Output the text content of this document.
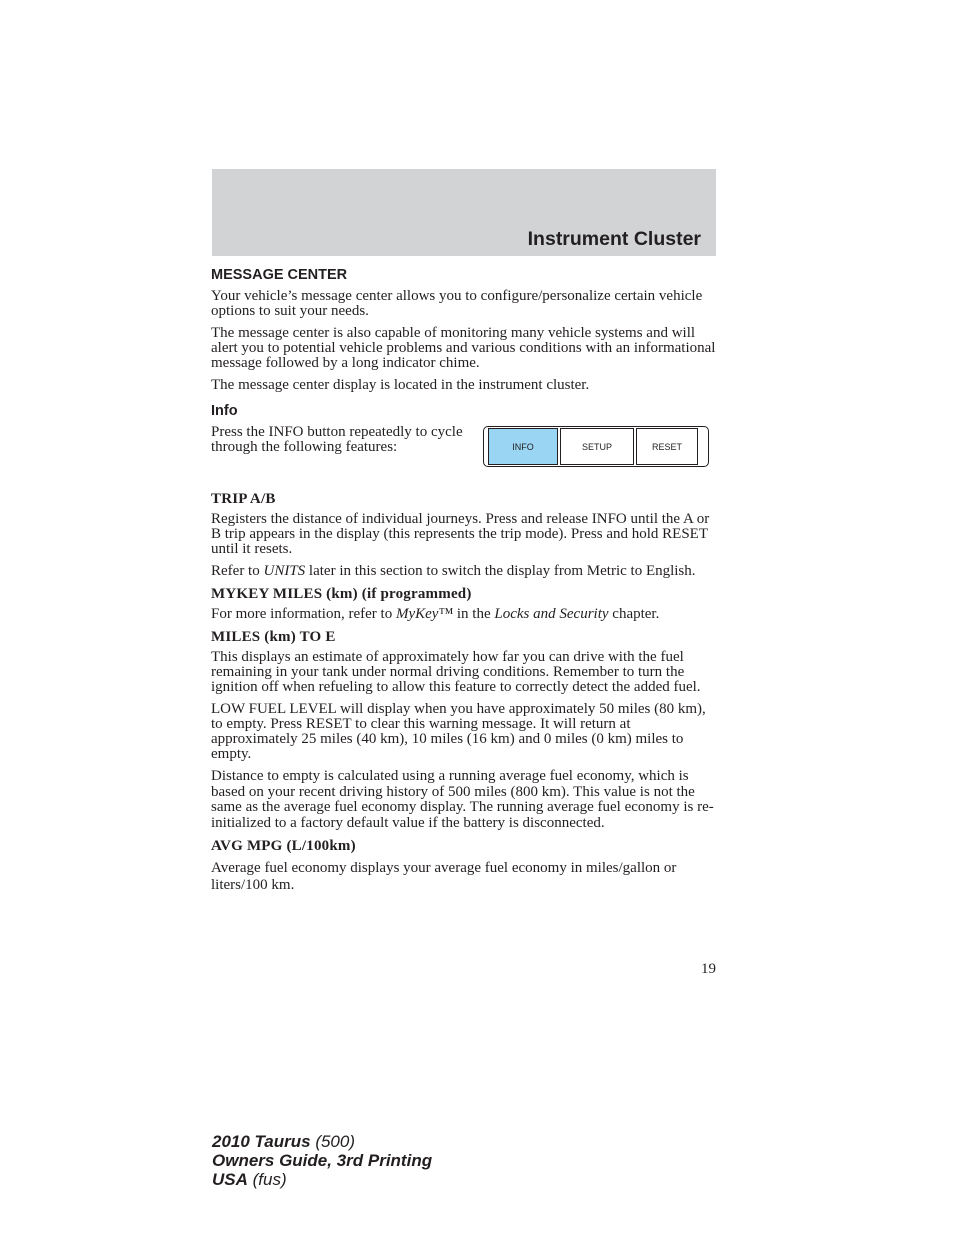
Instrument Cluster
MESSAGE CENTER

Your vehicle’s message center allows you to configure/personalize certain vehicle options to suit your needs.

The message center is also capable of monitoring many vehicle systems and will alert you to potential vehicle problems and various conditions with an informational message followed by a long indicator chime.

The message center display is located in the instrument cluster.

Info

Press the INFO button repeatedly to cycle through the following features:	INFO	SETUP	RESET
TRIP A/B

Registers the distance of individual journeys. Press and release INFO until the A or B trip appears in the display (this represents the trip mode). Press and hold RESET until it resets.

Refer to UNITS later in this section to switch the display from Metric to English.

MYKEY MILES (km) (if programmed)

For more information, refer to MyKey™ in the Locks and Security chapter.

MILES (km) TO E

This displays an estimate of approximately how far you can drive with the fuel remaining in your tank under normal driving conditions. Remember to turn the ignition off when refueling to allow this feature to correctly detect the added fuel.

LOW FUEL LEVEL will display when you have approximately 50 miles (80 km), to empty. Press RESET to clear this warning message. It will return at approximately 25 miles (40 km), 10 miles (16 km) and 0 miles (0 km) miles to empty.

Distance to empty is calculated using a running average fuel economy, which is based on your recent driving history of 500 miles (800 km). This value is not the same as the average fuel economy display. The running average fuel economy is re-initialized to a factory default value if the battery is disconnected.

AVG MPG (L/100km)

Average fuel economy displays your average fuel economy in miles/gallon or liters/100 km.

19
2010 Taurus (500)
Owners Guide, 3rd Printing
USA (fus)
